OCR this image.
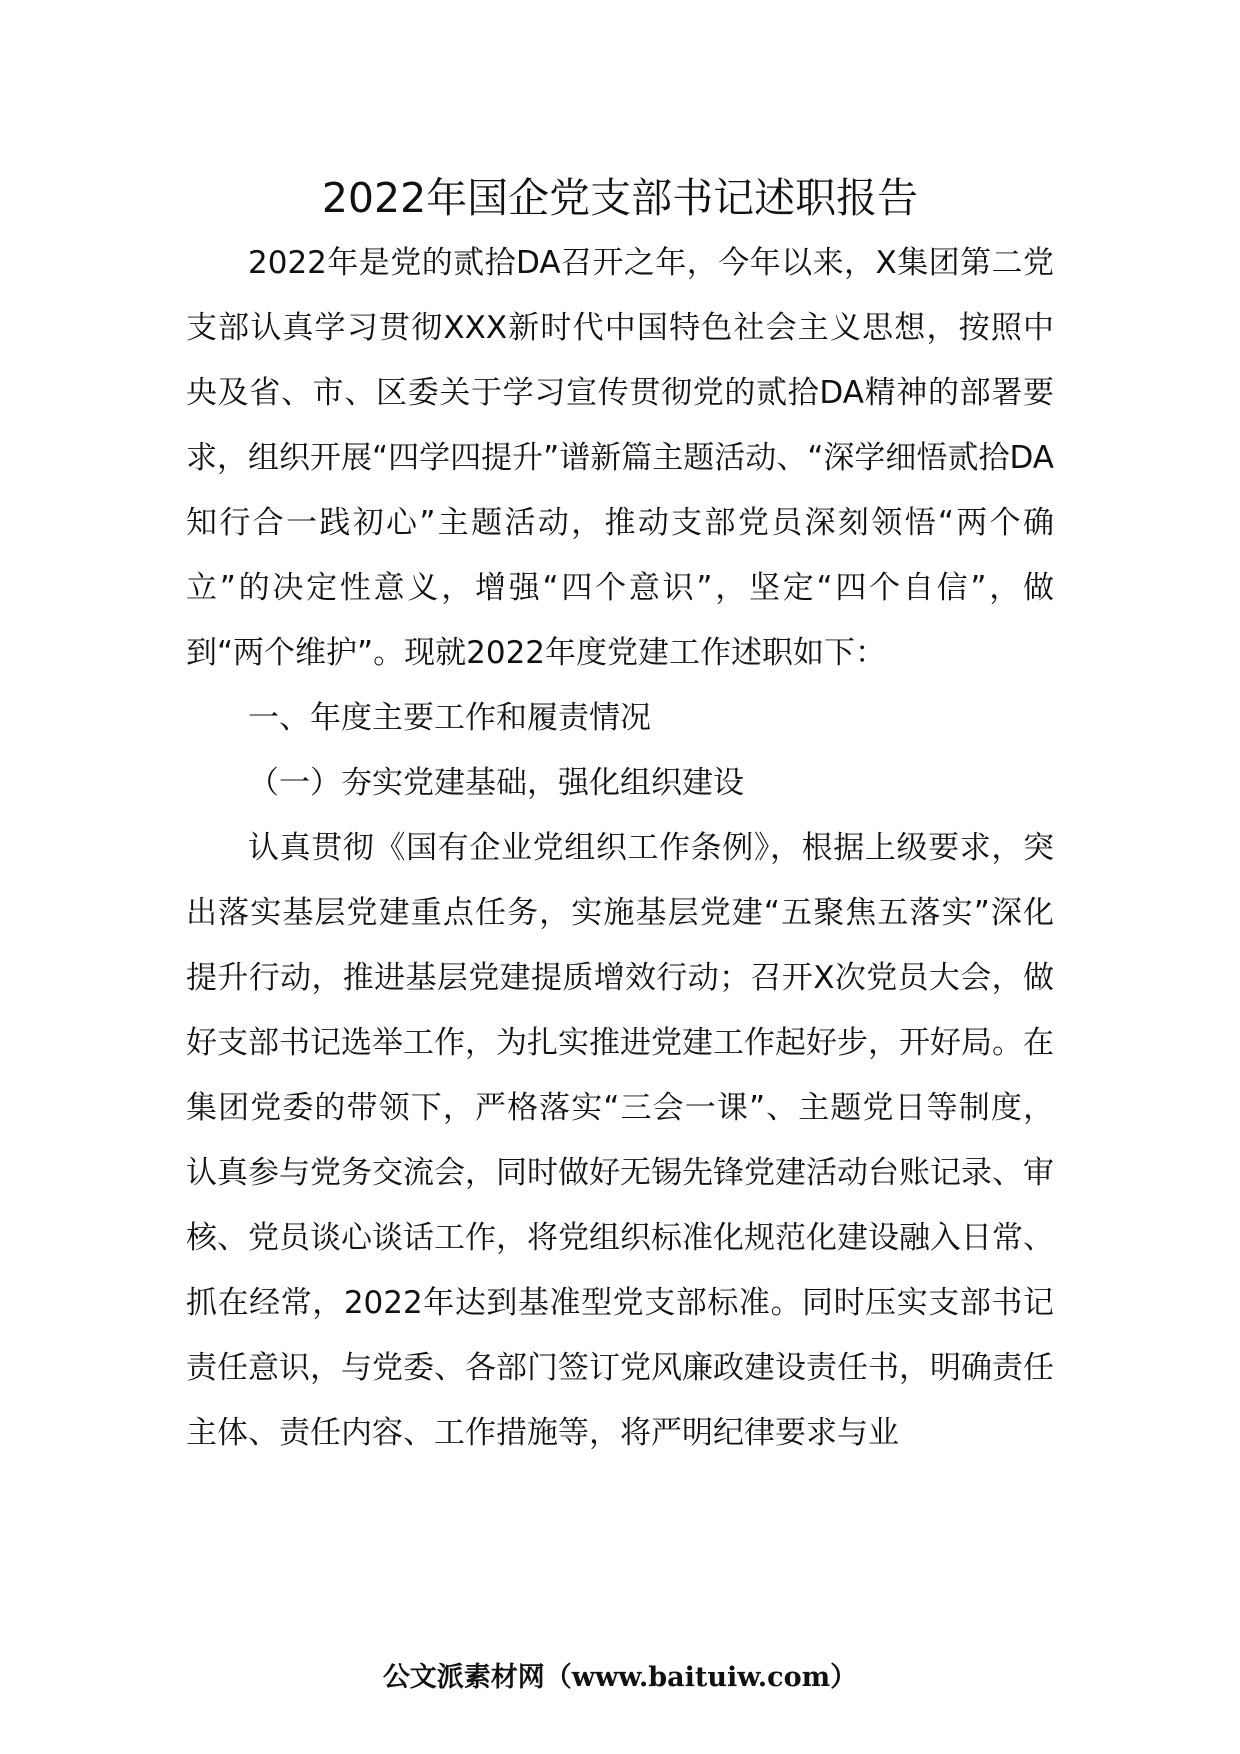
2022年国企党支部书记述职报告

2022年是党的贰拾DA召开之年，今年以来，X集团第二党支部认真学习贯彻XXX新时代中国特色社会主义思想，按照中央及省、市、区委关于学习宣传贯彻党的贰拾DA精神的部署要求，组织开展“四学四提升”谱新篇主题活动、“深学细悟贰拾DA知行合一践初心”主题活动，推动支部党员深刻领悟“两个确立”的决定性意义，增强“四个意识”，坚定“四个自信”，做到“两个维护”。现就2022年度党建工作述职如下：

一、年度主要工作和履责情况

（一）夯实党建基础，强化组织建设

认真贯彻《国有企业党组织工作条例》，根据上级要求，突出落实基层党建重点任务，实施基层党建“五聚焦五落实”深化提升行动，推进基层党建提质增效行动；召开X次党员大会，做好支部书记选举工作，为扎实推进党建工作起好步，开好局。在集团党委的带领下，严格落实“三会一课”、主题党日等制度，认真参与党务交流会，同时做好无锡先锋党建活动台账记录、审核、党员谈心谈话工作，将党组织标准化规范化建设融入日常、抓在经常，2022年达到基准型党支部标准。同时压实支部书记责任意识，与党委、各部门签订党风廉政建设责任书，明确责任主体、责任内容、工作措施等，将严明纪律要求与业

公文派素材网（www.baituiw.com）
